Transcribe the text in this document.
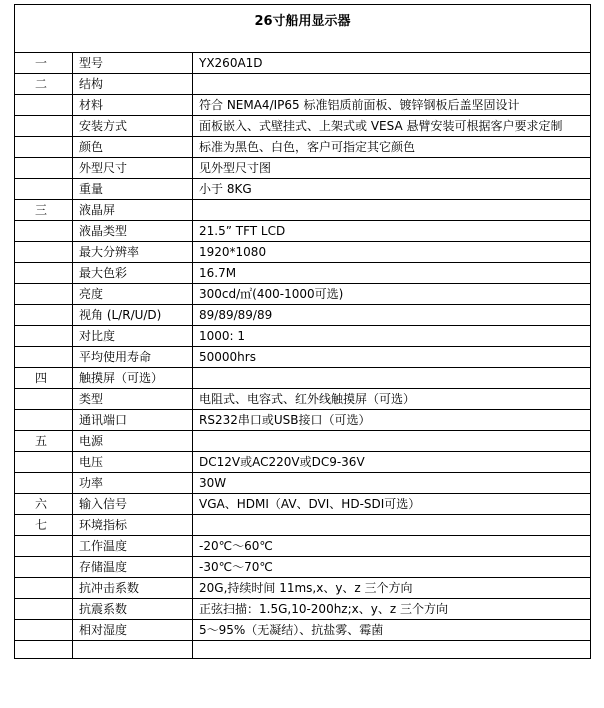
26寸船用显示器		
一	型号	YX260A1D
二	结构	
	材料	符合 NEMA4/IP65 标准铝质前面板、镀锌钢板后盖坚固设计
	安装方式	面板嵌入、式壁挂式、上架式或 VESA 悬臂安装可根据客户要求定制
	颜色	标准为黑色、白色，客户可指定其它颜色
	外型尺寸	见外型尺寸图
	重量	小于 8KG
三	液晶屏	
	液晶类型	21.5” TFT LCD
	最大分辨率	1920*1080
	最大色彩	16.7M
	亮度	300cd/㎡(400-1000可选)
	视角 (L/R/U/D)	89/89/89/89
	对比度	1000: 1
	平均使用寿命	50000hrs
四	触摸屏（可选）	
	类型	电阻式、电容式、红外线触摸屏（可选）
	通讯端口	RS232串口或USB接口（可选）
五	电源	
	电压	DC12V或AC220V或DC9-36V
	功率	30W
六	输入信号	VGA、HDMI（AV、DVI、HD-SDI可选）
七	环境指标	
	工作温度	-20℃～60℃
	存储温度	-30℃～70℃
	抗冲击系数	20G,持续时间 11ms,x、y、z 三个方向
	抗震系数	正弦扫描：1.5G,10-200hz;x、y、z 三个方向
	相对湿度	5～95%（无凝结）、抗盐雾、霉菌
